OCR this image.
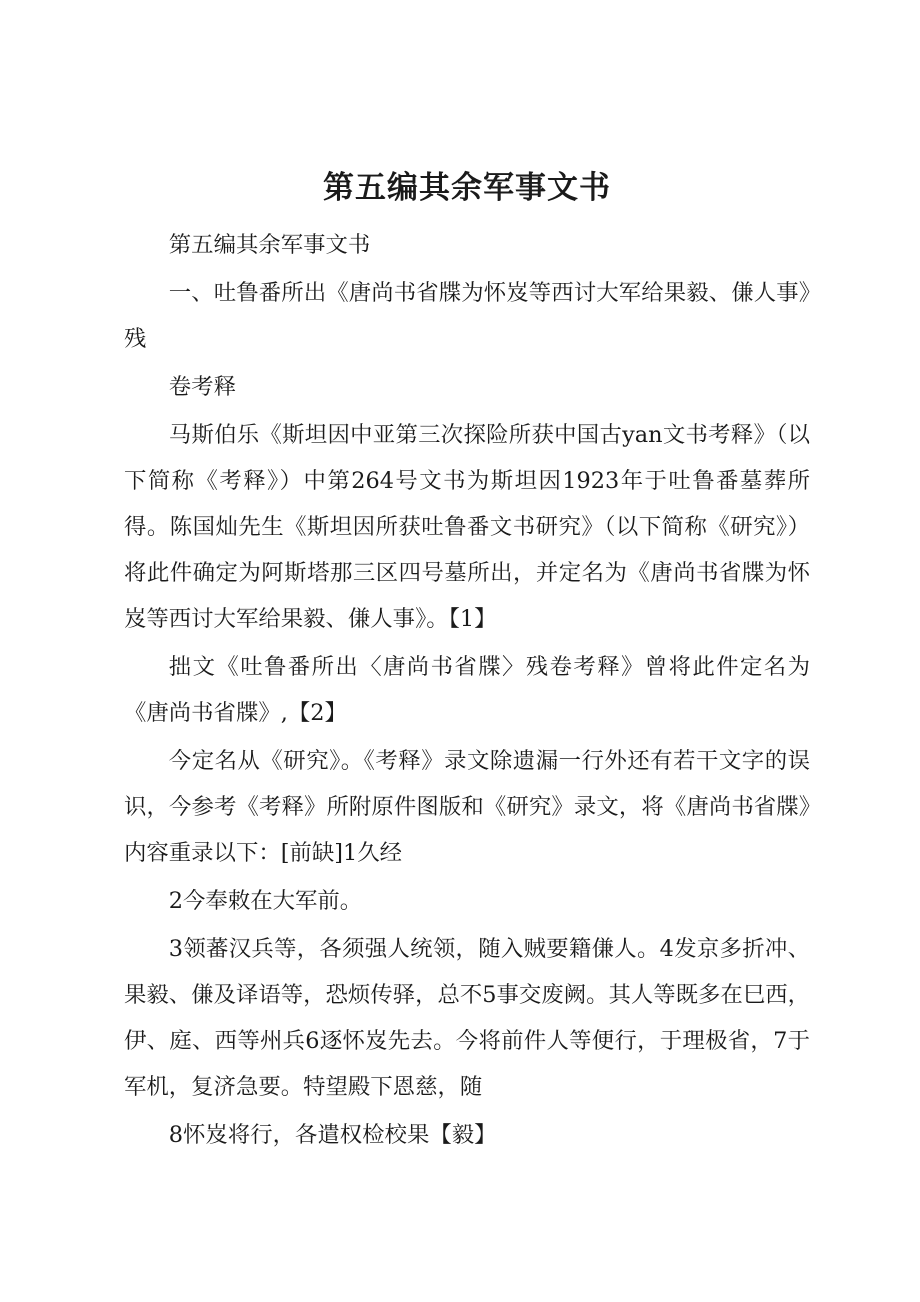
第五编其余军事文书

第五编其余军事文书

一、吐鲁番所出《唐尚书省牒为怀岌等西讨大军给果毅、傔人事》残

卷考释

马斯伯乐《斯坦因中亚第三次探险所获中国古yan文书考释》（以下简称《考释》）中第264号文书为斯坦因1923年于吐鲁番墓葬所得。陈国灿先生《斯坦因所获吐鲁番文书研究》（以下简称《研究》）将此件确定为阿斯塔那三区四号墓所出，并定名为《唐尚书省牒为怀岌等西讨大军给果毅、傔人事》。【1】

拙文《吐鲁番所出〈唐尚书省牒〉残卷考释》曾将此件定名为《唐尚书省牒》,【2】

今定名从《研究》。《考释》录文除遗漏一行外还有若干文字的误识，今参考《考释》所附原件图版和《研究》录文，将《唐尚书省牒》内容重录以下：[前缺]1久经

2今奉敕在大军前。

3领蕃汉兵等，各须强人统领，随入贼要籍傔人。4发京多折冲、果毅、傔及译语等，恐烦传驿，总不5事交废阙。其人等既多在巳西，伊、庭、西等州兵6逐怀岌先去。今将前件人等便行，于理极省，7于军机，复济急要。特望殿下恩慈，随

8怀岌将行，各遣权检校果【毅】
